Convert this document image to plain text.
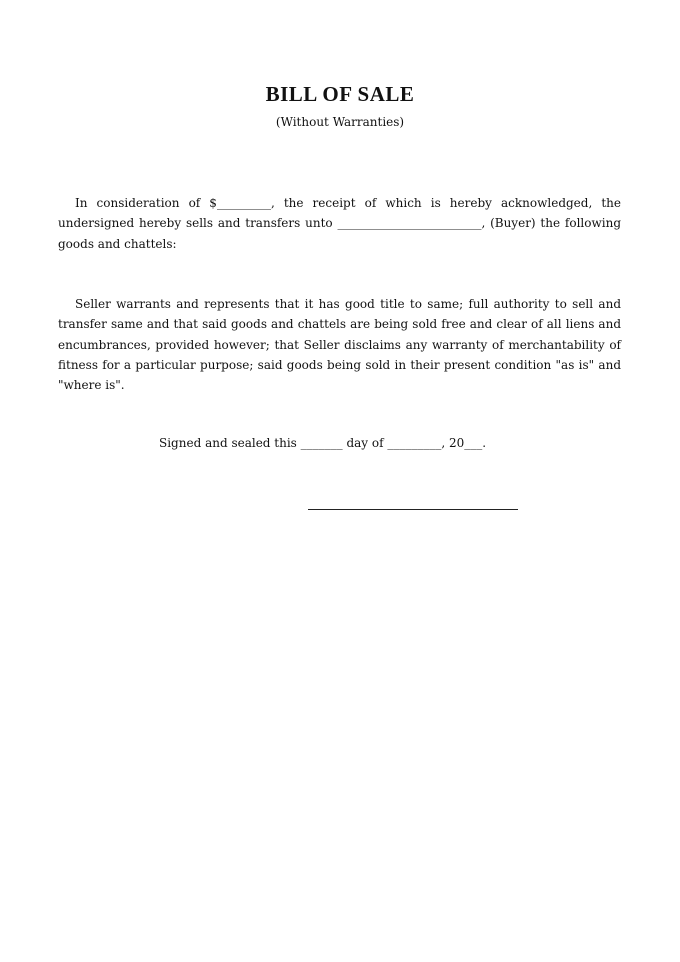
BILL OF SALE
(Without Warranties)

In consideration of $_________, the receipt of which is hereby acknowledged, the undersigned hereby sells and transfers unto ________________________, (Buyer) the following goods and chattels:

Seller warrants and represents that it has good title to same; full authority to sell and transfer same and that said goods and chattels are being sold free and clear of all liens and encumbrances, provided however; that Seller disclaims any warranty of merchantability of fitness for a particular purpose; said goods being sold in their present condition "as is" and "where is".

Signed and sealed this _______ day of _________, 20___.
